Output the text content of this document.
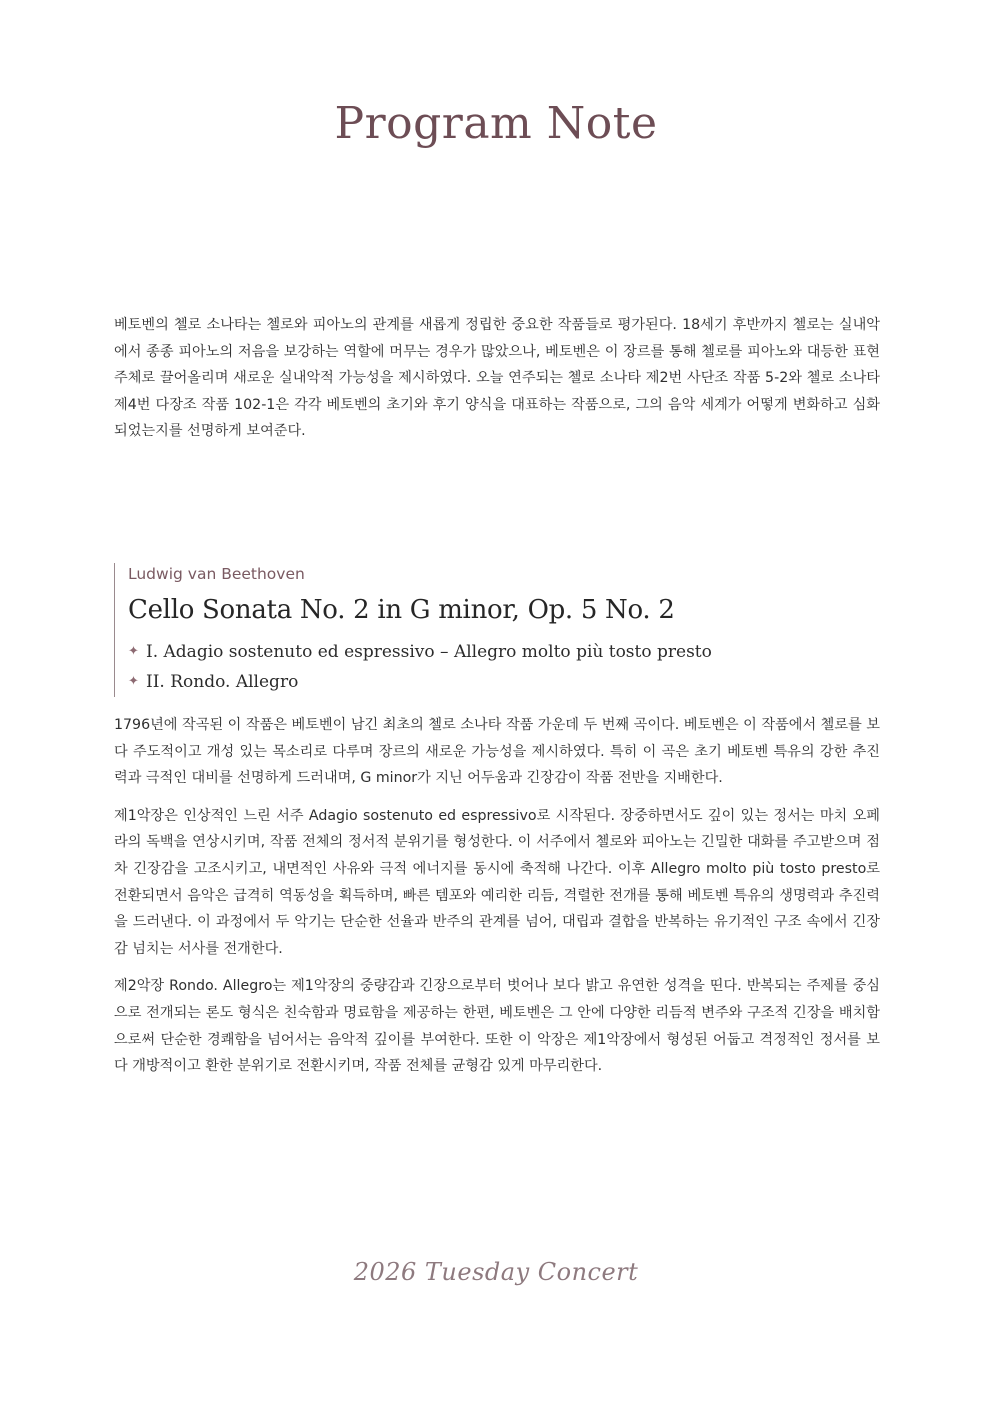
Program Note

베토벤의 첼로 소나타는 첼로와 피아노의 관계를 새롭게 정립한 중요한 작품들로 평가된다. 18세기 후반까지 첼로는 실내악에서 종종 피아노의 저음을 보강하는 역할에 머무는 경우가 많았으나, 베토벤은 이 장르를 통해 첼로를 피아노와 대등한 표현 주체로 끌어올리며 새로운 실내악적 가능성을 제시하였다. 오늘 연주되는 첼로 소나타 제2번 사단조 작품 5-2와 첼로 소나타 제4번 다장조 작품 102-1은 각각 베토벤의 초기와 후기 양식을 대표하는 작품으로, 그의 음악 세계가 어떻게 변화하고 심화되었는지를 선명하게 보여준다.

Ludwig van Beethoven

Cello Sonata No. 2 in G minor, Op. 5 No. 2
✦ I. Adagio sostenuto ed espressivo – Allegro molto più tosto presto
✦ II. Rondo. Allegro

1796년에 작곡된 이 작품은 베토벤이 남긴 최초의 첼로 소나타 작품 가운데 두 번째 곡이다. 베토벤은 이 작품에서 첼로를 보다 주도적이고 개성 있는 목소리로 다루며 장르의 새로운 가능성을 제시하였다. 특히 이 곡은 초기 베토벤 특유의 강한 추진력과 극적인 대비를 선명하게 드러내며, G minor가 지닌 어두움과 긴장감이 작품 전반을 지배한다.

제1악장은 인상적인 느린 서주 Adagio sostenuto ed espressivo로 시작된다. 장중하면서도 깊이 있는 정서는 마치 오페라의 독백을 연상시키며, 작품 전체의 정서적 분위기를 형성한다. 이 서주에서 첼로와 피아노는 긴밀한 대화를 주고받으며 점차 긴장감을 고조시키고, 내면적인 사유와 극적 에너지를 동시에 축적해 나간다. 이후 Allegro molto più tosto presto로 전환되면서 음악은 급격히 역동성을 획득하며, 빠른 템포와 예리한 리듬, 격렬한 전개를 통해 베토벤 특유의 생명력과 추진력을 드러낸다. 이 과정에서 두 악기는 단순한 선율과 반주의 관계를 넘어, 대립과 결합을 반복하는 유기적인 구조 속에서 긴장감 넘치는 서사를 전개한다.

제2악장 Rondo. Allegro는 제1악장의 중량감과 긴장으로부터 벗어나 보다 밝고 유연한 성격을 띤다. 반복되는 주제를 중심으로 전개되는 론도 형식은 친숙함과 명료함을 제공하는 한편, 베토벤은 그 안에 다양한 리듬적 변주와 구조적 긴장을 배치함으로써 단순한 경쾌함을 넘어서는 음악적 깊이를 부여한다. 또한 이 악장은 제1악장에서 형성된 어둡고 격정적인 정서를 보다 개방적이고 환한 분위기로 전환시키며, 작품 전체를 균형감 있게 마무리한다.

2026 Tuesday Concert
